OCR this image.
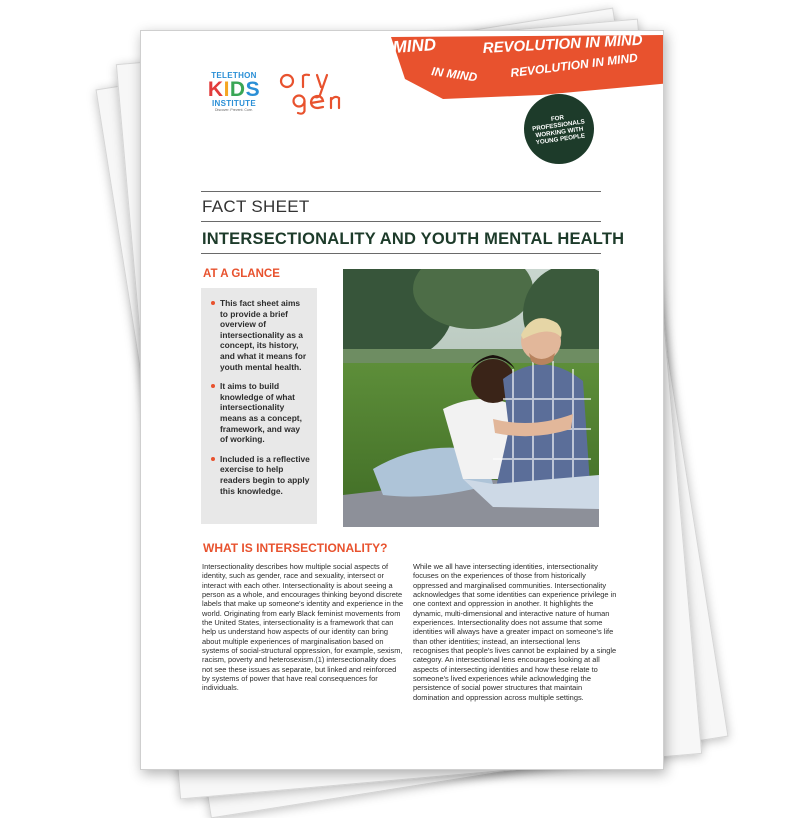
TELETHON
KIDS
INSTITUTE
Discover. Prevent. Cure.
MIND	REVOLUTION IN MIND
IN MIND	REVOLUTION IN MIND
FOR PROFESSIONALS WORKING WITH YOUNG PEOPLE
FACT SHEET
INTERSECTIONALITY AND YOUTH MENTAL HEALTH
AT A GLANCE
This fact sheet aims to provide a brief overview of intersectionality as a concept, its history, and what it means for youth mental health.
It aims to build knowledge of what intersectionality means as a concept, framework, and way of working.
Included is a reflective exercise to help readers begin to apply this knowledge.
WHAT IS INTERSECTIONALITY?
Intersectionality describes how multiple social aspects of identity, such as gender, race and sexuality, intersect or interact with each other. Intersectionality is about seeing a person as a whole, and encourages thinking beyond discrete labels that make up someone's identity and experience in the world. Originating from early Black feminist movements from the United States, intersectionality is a framework that can help us understand how aspects of our identity can bring about multiple experiences of marginalisation based on systems of social-structural oppression, for example, sexism, racism, poverty and heterosexism.(1) intersectionality does not see these issues as separate, but linked and reinforced by systems of power that have real consequences for individuals.
While we all have intersecting identities, intersectionality focuses on the experiences of those from historically oppressed and marginalised communities. Intersectionality acknowledges that some identities can experience privilege in one context and oppression in another. It highlights the dynamic, multi-dimensional and interactive nature of human experiences. Intersectionality does not assume that some identities will always have a greater impact on someone's life than other identities; instead, an intersectional lens recognises that people's lives cannot be explained by a single category. An intersectional lens encourages looking at all aspects of intersecting identities and how these relate to someone's lived experiences while acknowledging the persistence of social power structures that maintain domination and oppression across multiple settings.
